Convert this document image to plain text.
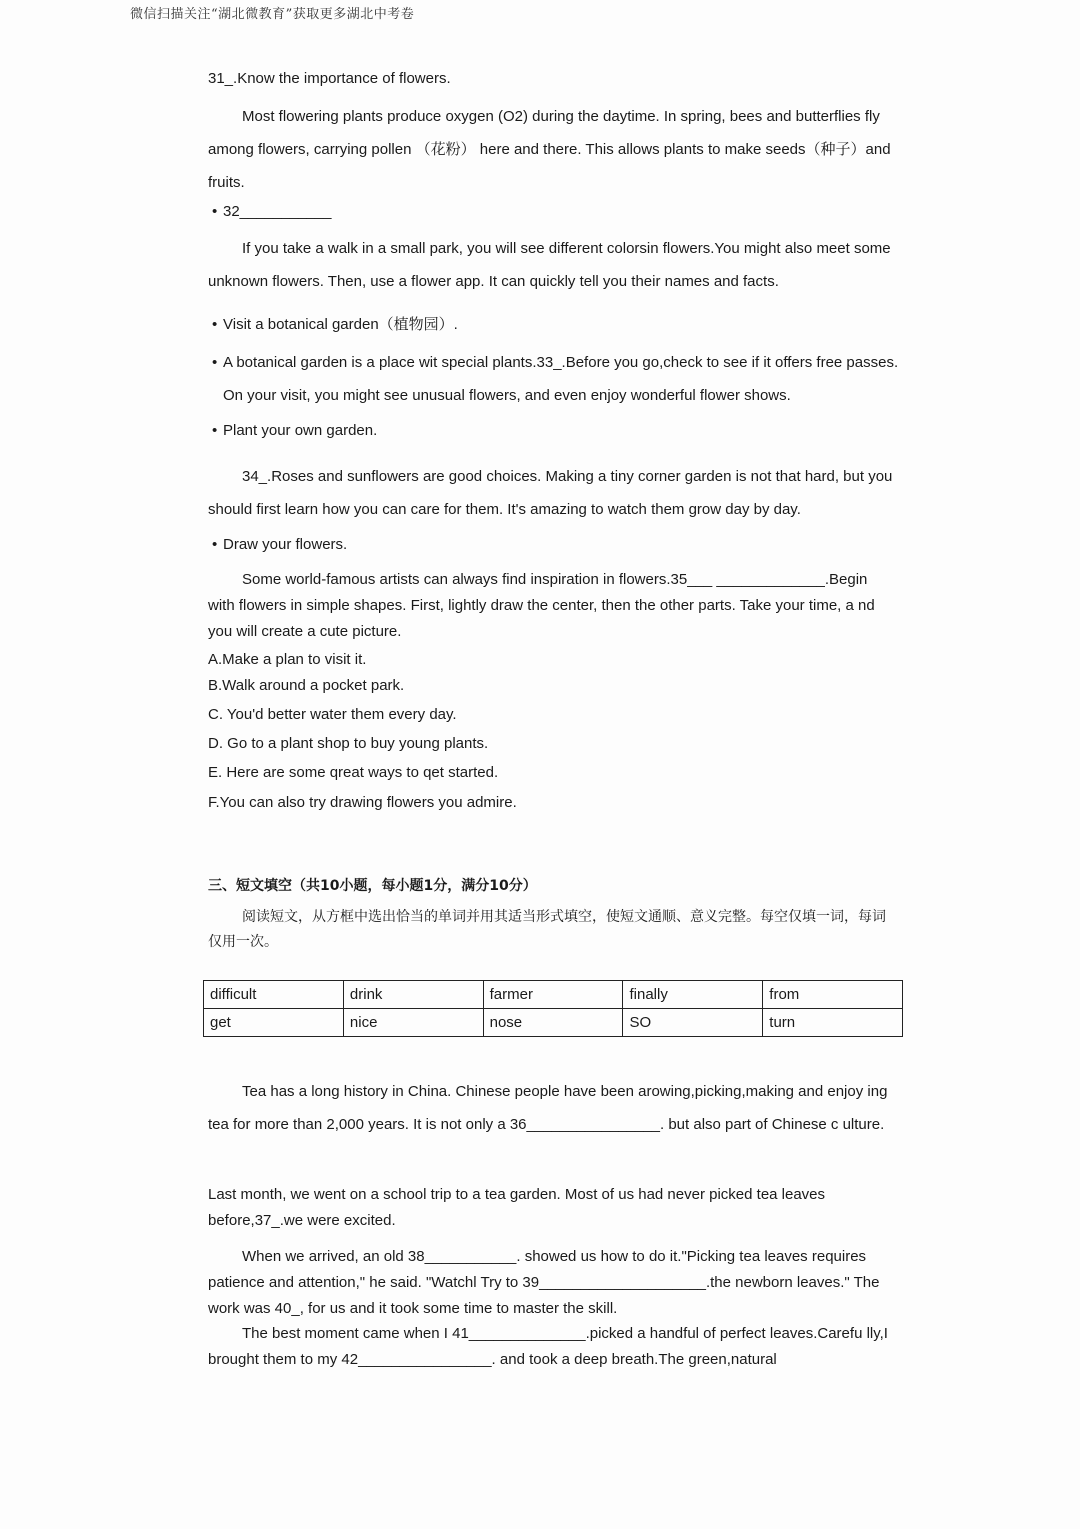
微信扫描关注“湖北微教育”获取更多湖北中考卷
31_.Know the importance of flowers.
Most flowering plants produce oxygen (O2) during the daytime. In spring, bees and butterflies fly among flowers, carrying pollen （花粉） here and there. This allows plants to make seeds（种子）and fruits.
• 32___________
If you take a walk in a small park, you will see different colorsin flowers.You might also meet some unknown flowers. Then, use a flower app. It can quickly tell you their names and facts.
• Visit a botanical garden（植物园）.
• A botanical garden is a place wit special plants.33_.Before you go,check to see if it offers free passes. On your visit, you might see unusual flowers, and even enjoy wonderful flower shows.
• Plant your own garden.
34_.Roses and sunflowers are good choices. Making a tiny corner garden is not that hard, but you should first learn how you can care for them. It's amazing to watch them grow day by day.
• Draw your flowers.
Some world-famous artists can always find inspiration in flowers.35___ _____________.Begin with flowers in simple shapes. First, lightly draw the center, then the other parts. Take your time, a nd you will create a cute picture.
A.Make a plan to visit it.
B.Walk around a pocket park.
C. You'd better water them every day.
D. Go to a plant shop to buy young plants.
E. Here are some qreat ways to qet started.
F.You can also try drawing flowers you admire.
三、短文填空（共10小题，每小题1分，满分10分）
阅读短文，从方框中选出恰当的单词并用其适当形式填空，使短文通顺、意义完整。每空仅填一词，每词仅用一次。
Tea has a long history in China. Chinese people have been arowing,picking,making and enjoy ing tea for more than 2,000 years. It is not only a 36________________. but also part of Chinese c ulture.
Last month, we went on a school trip to a tea garden. Most of us had never picked tea leaves before,37_.we were excited.
When we arrived, an old 38___________. showed us how to do it."Picking tea leaves requires patience and attention," he said. "Watchl Try to 39____________________.the newborn leaves." The work was 40_, for us and it took some time to master the skill.
The best moment came when I 41______________.picked a handful of perfect leaves.Carefu lly,I brought them to my 42________________. and took a deep breath.The green,natural
difficult	drink	farmer	finally	from
get	nice	nose	SO	turn
